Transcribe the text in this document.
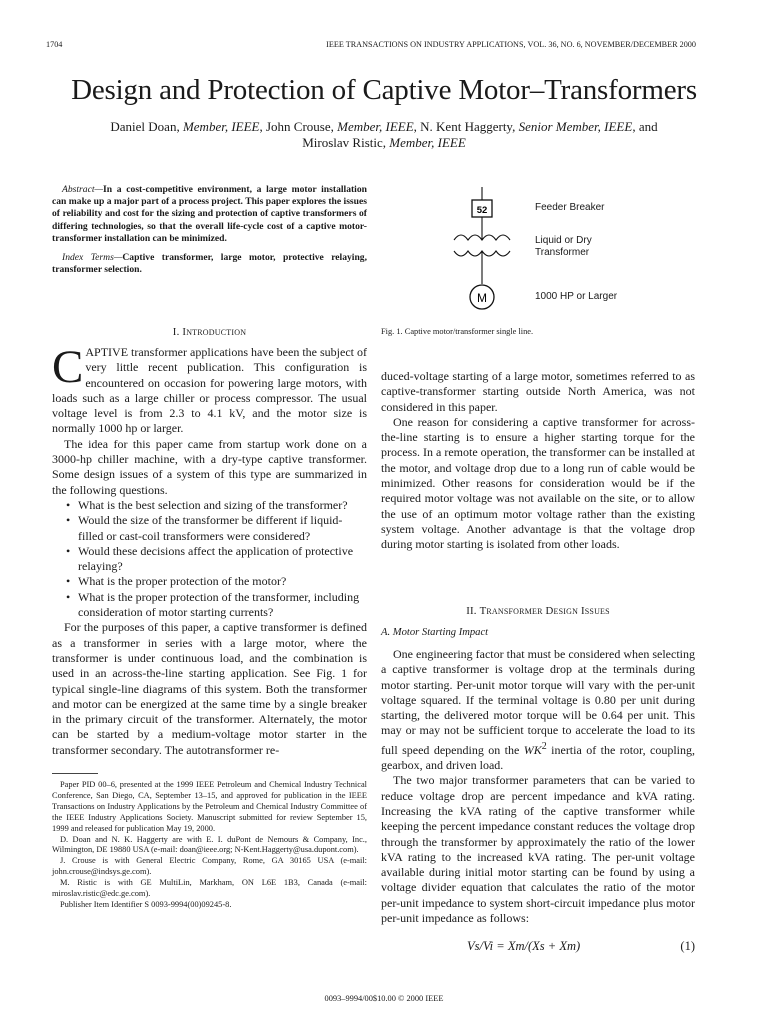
1704	IEEE TRANSACTIONS ON INDUSTRY APPLICATIONS, VOL. 36, NO. 6, NOVEMBER/DECEMBER 2000
Design and Protection of Captive Motor–Transformers
Daniel Doan, Member, IEEE, John Crouse, Member, IEEE, N. Kent Haggerty, Senior Member, IEEE, and
Miroslav Ristic, Member, IEEE

Abstract—In a cost-competitive environment, a large motor installation can make up a major part of a process project. This paper explores the issues of reliability and cost for the sizing and protection of captive transformers of differing technologies, so that the overall life-cycle cost of a captive motor-transformer installation can be minimized.

Index Terms—Captive transformer, large motor, protective relaying, transformer selection.

I. Introduction

CAPTIVE transformer applications have been the subject of very little recent publication. This configuration is encountered on occasion for powering large motors, with loads such as a large chiller or process compressor. The usual voltage level is from 2.3 to 4.1 kV, and the motor size is normally 1000 hp or larger.

The idea for this paper came from startup work done on a 3000-hp chiller machine, with a dry-type captive transformer. Some design issues of a system of this type are summarized in the following questions.

• What is the best selection and sizing of the transformer?
• Would the size of the transformer be different if liquid-filled or cast-coil transformers were considered?
• Would these decisions affect the application of protective relaying?
• What is the proper protection of the motor?
• What is the proper protection of the transformer, including consideration of motor starting currents?

For the purposes of this paper, a captive transformer is defined as a transformer in series with a large motor, where the transformer is under continuous load, and the combination is used in an across-the-line starting application. See Fig. 1 for typical single-line diagrams of this system. Both the transformer and motor can be energized at the same time by a single breaker in the primary circuit of the transformer. Alternately, the motor can be started by a medium-voltage motor starter in the transformer secondary. The autotransformer re-

Paper PID 00–6, presented at the 1999 IEEE Petroleum and Chemical Industry Technical Conference, San Diego, CA, September 13–15, and approved for publication in the IEEE Transactions on Industry Applications by the Petroleum and Chemical Industry Committee of the IEEE Industry Applications Society. Manuscript submitted for review September 15, 1999 and released for publication May 19, 2000.

D. Doan and N. K. Haggerty are with E. I. duPont de Nemours & Company, Inc., Wilmington, DE 19880 USA (e-mail: doan@ieee.org; N-Kent.Haggerty@usa.dupont.com).

J. Crouse is with General Electric Company, Rome, GA 30165 USA (e-mail: john.crouse@indsys.ge.com).

M. Ristic is with GE MultiLin, Markham, ON L6E 1B3, Canada (e-mail: miroslav.ristic@edc.ge.com).

Publisher Item Identifier S 0093-9994(00)09245-8.

52
M
Feeder Breaker
Liquid or Dry
Transformer
1000 HP or Larger
Fig. 1. Captive motor/transformer single line.

duced-voltage starting of a large motor, sometimes referred to as captive-transformer starting outside North America, was not considered in this paper.

One reason for considering a captive transformer for across-the-line starting is to ensure a higher starting torque for the process. In a remote operation, the transformer can be installed at the motor, and voltage drop due to a long run of cable would be minimized. Other reasons for consideration would be if the required motor voltage was not available on the site, or to allow the use of an optimum motor voltage rather than the existing system voltage. Another advantage is that the voltage drop during motor starting is isolated from other loads.

II. Transformer Design Issues
A. Motor Starting Impact

One engineering factor that must be considered when selecting a captive transformer is voltage drop at the terminals during motor starting. Per-unit motor torque will vary with the per-unit voltage squared. If the terminal voltage is 0.80 per unit during starting, the delivered motor torque will be 0.64 per unit. This may or may not be sufficient torque to accelerate the load to its full speed depending on the $WK^2$ inertia of the rotor, coupling, gearbox, and driven load.

The two major transformer parameters that can be varied to reduce voltage drop are percent impedance and kVA rating. Increasing the kVA rating of the captive transformer while keeping the percent impedance constant reduces the voltage drop through the transformer by approximately the ratio of the lower kVA rating to the increased kVA rating. The per-unit voltage available during initial motor starting can be found by using a voltage divider equation that calculates the ratio of the motor per-unit impedance to system short-circuit impedance plus motor per-unit impedance as follows:

Vs/Vi = Xm/(Xs + Xm)	(1)
0093–9994/00$10.00 © 2000 IEEE
